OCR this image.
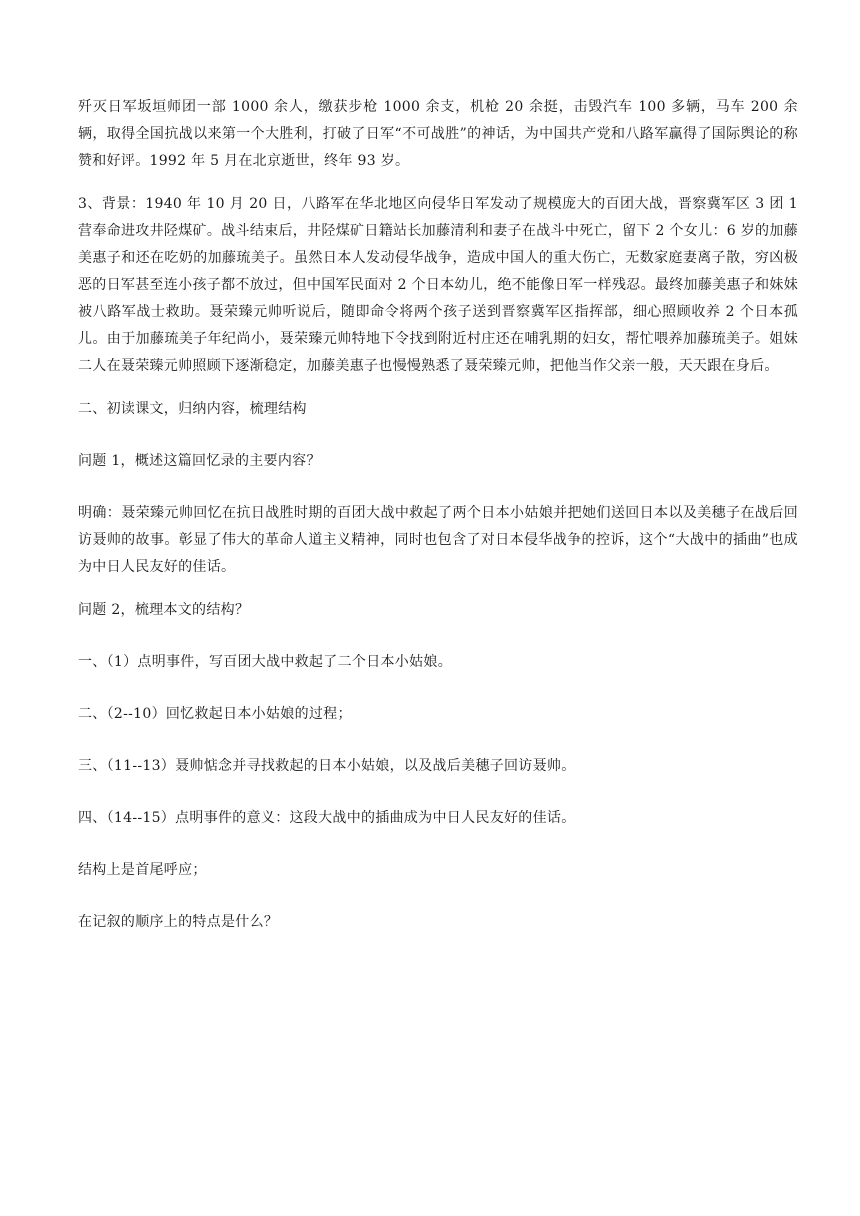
歼灭日军坂垣师团一部 1000 余人，缴获步枪 1000 余支，机枪 20 余挺，击毁汽车 100 多辆，马车 200 余辆，取得全国抗战以来第一个大胜利，打破了日军“不可战胜”的神话，为中国共产党和八路军赢得了国际舆论的称赞和好评。1992 年 5 月在北京逝世，终年 93 岁。

3、背景：1940 年 10 月 20 日，八路军在华北地区向侵华日军发动了规模庞大的百团大战，晋察冀军区 3 团 1 营奉命进攻井陉煤矿。战斗结束后，井陉煤矿日籍站长加藤清利和妻子在战斗中死亡，留下 2 个女儿：6 岁的加藤美惠子和还在吃奶的加藤琉美子。虽然日本人发动侵华战争，造成中国人的重大伤亡，无数家庭妻离子散，穷凶极恶的日军甚至连小孩子都不放过，但中国军民面对 2 个日本幼儿，绝不能像日军一样残忍。最终加藤美惠子和妹妹被八路军战士救助。聂荣臻元帅听说后，随即命令将两个孩子送到晋察冀军区指挥部，细心照顾收养 2 个日本孤儿。由于加藤琉美子年纪尚小，聂荣臻元帅特地下令找到附近村庄还在哺乳期的妇女，帮忙喂养加藤琉美子。姐妹二人在聂荣臻元帅照顾下逐渐稳定，加藤美惠子也慢慢熟悉了聂荣臻元帅，把他当作父亲一般，天天跟在身后。

二、初读课文，归纳内容，梳理结构

问题 1，概述这篇回忆录的主要内容？

明确：聂荣臻元帅回忆在抗日战胜时期的百团大战中救起了两个日本小姑娘并把她们送回日本以及美穗子在战后回访聂帅的故事。彰显了伟大的革命人道主义精神，同时也包含了对日本侵华战争的控诉，这个“大战中的插曲”也成为中日人民友好的佳话。

问题 2，梳理本文的结构？

一、（1）点明事件，写百团大战中救起了二个日本小姑娘。

二、（2--10）回忆救起日本小姑娘的过程；

三、（11--13）聂帅惦念并寻找救起的日本小姑娘，以及战后美穗子回访聂帅。

四、（14--15）点明事件的意义：这段大战中的插曲成为中日人民友好的佳话。

结构上是首尾呼应；

在记叙的顺序上的特点是什么？
